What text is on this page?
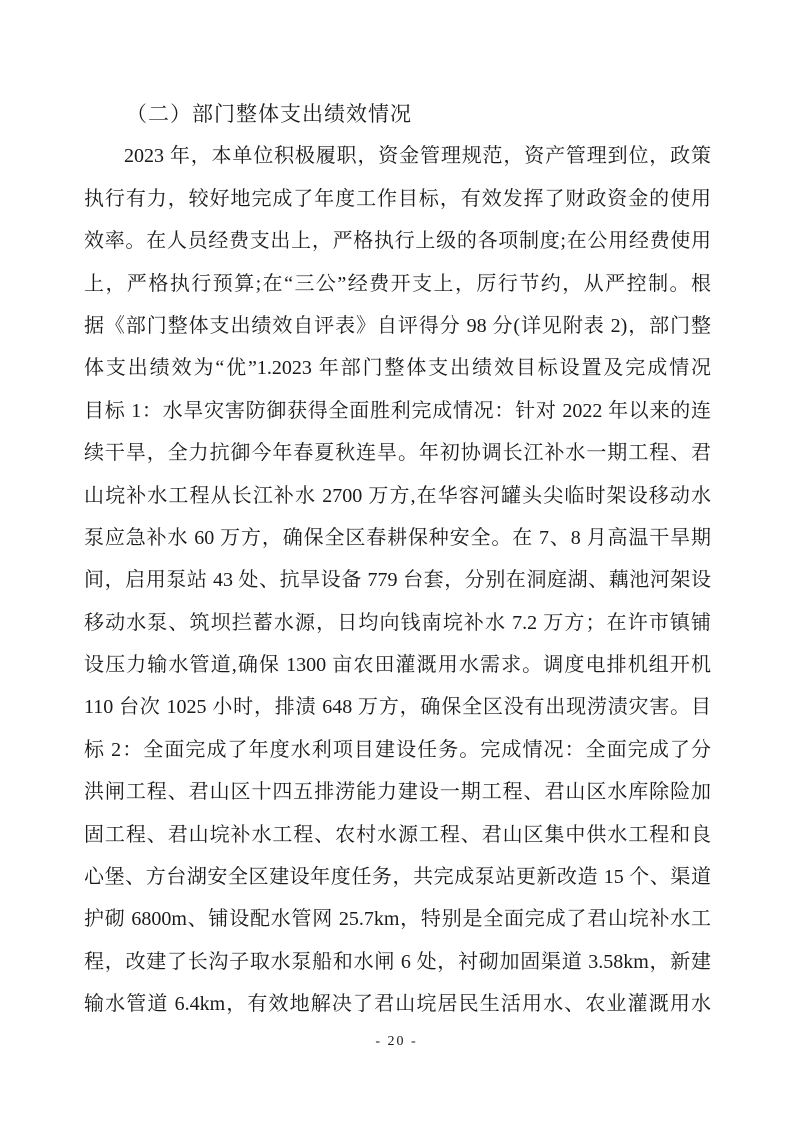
（二）部门整体支出绩效情况
2023 年，本单位积极履职，资金管理规范，资产管理到位，政策
执行有力，较好地完成了年度工作目标，有效发挥了财政资金的使用
效率。在人员经费支出上，严格执行上级的各项制度;在公用经费使用
上，严格执行预算;在“三公”经费开支上，厉行节约，从严控制。根
据《部门整体支出绩效自评表》自评得分 98 分(详见附表 2)，部门整
体支出绩效为“优”1.2023 年部门整体支出绩效目标设置及完成情况
目标 1：水旱灾害防御获得全面胜利完成情况：针对 2022 年以来的连
续干旱，全力抗御今年春夏秋连旱。年初协调长江补水一期工程、君
山垸补水工程从长江补水 2700 万方,在华容河罐头尖临时架设移动水
泵应急补水 60 万方，确保全区春耕保种安全。在 7、8 月高温干旱期
间，启用泵站 43 处、抗旱设备 779 台套，分别在洞庭湖、藕池河架设
移动水泵、筑坝拦蓄水源，日均向钱南垸补水 7.2 万方；在许市镇铺
设压力输水管道,确保 1300 亩农田灌溉用水需求。调度电排机组开机
110 台次 1025 小时，排渍 648 万方，确保全区没有出现涝渍灾害。目
标 2：全面完成了年度水利项目建设任务。完成情况：全面完成了分
洪闸工程、君山区十四五排涝能力建设一期工程、君山区水库除险加
固工程、君山垸补水工程、农村水源工程、君山区集中供水工程和良
心堡、方台湖安全区建设年度任务，共完成泵站更新改造 15 个、渠道
护砌 6800m、铺设配水管网 25.7km，特别是全面完成了君山垸补水工
程，改建了长沟子取水泵船和水闸 6 处，衬砌加固渠道 3.58km，新建
输水管道 6.4km，有效地解决了君山垸居民生活用水、农业灌溉用水
- 20 -
